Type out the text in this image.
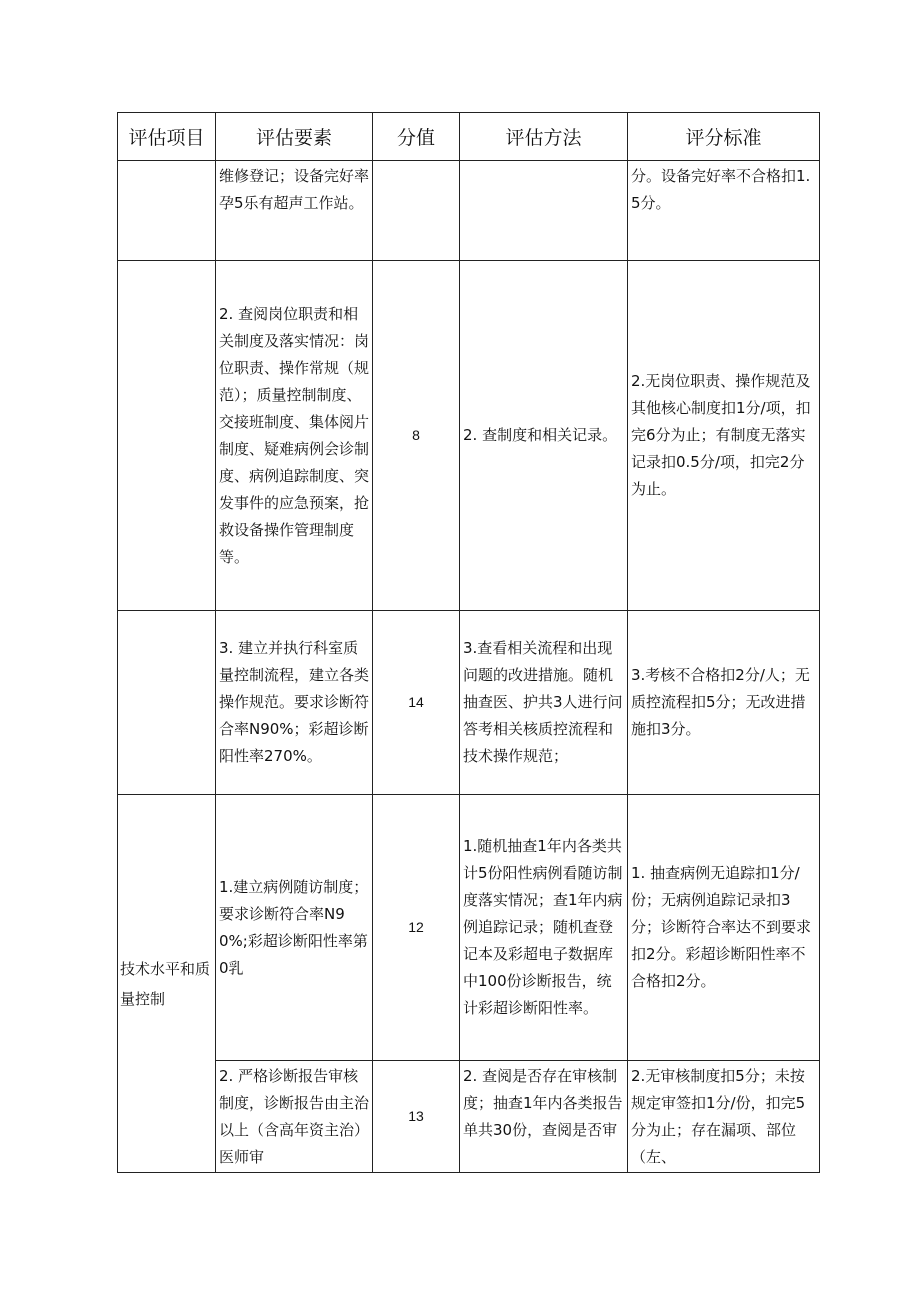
评估项目	评估要素	分值	评估方法	评分标准

	维修登记；设备完好率孕5乐有超声工作站。			分。设备完好率不合格扣1.5分。

	2. 查阅岗位职责和相关制度及落实情况：岗位职责、操作常规（规范）；质量控制制度、交接班制度、集体阅片制度、疑难病例会诊制度、病例追踪制度、突发事件的应急预案，抢救设备操作管理制度等。	8	2. 查制度和相关记录。	2.无岗位职责、操作规范及其他核心制度扣1分/项，扣完6分为止；有制度无落实记录扣0.5分/项，扣完2分为止。

	3. 建立并执行科室质量控制流程，建立各类操作规范。要求诊断符合率N90%；彩超诊断阳性率270%。	14	3.查看相关流程和出现问题的改进措施。随机抽查医、护共3人进行问答考相关核质控流程和技术操作规范；	3.考核不合格扣2分/人；无质控流程扣5分；无改进措施扣3分。

技术水平和质量控制	1.建立病例随访制度；要求诊断符合率N90%;彩超诊断阳性率第0乳	12	1.随机抽查1年内各类共计5份阳性病例看随访制度落实情况；查1年内病例追踪记录；随机查登记本及彩超电子数据库中100份诊断报告，统计彩超诊断阳性率。	1. 抽查病例无追踪扣1分/份；无病例追踪记录扣3分；诊断符合率达不到要求扣2分。彩超诊断阳性率不合格扣2分。

	2. 严格诊断报告审核制度，诊断报告由主治以上（含高年资主治）医师审	13	2. 查阅是否存在审核制度；抽查1年内各类报告单共30份，查阅是否审	2.无审核制度扣5分；未按规定审签扣1分/份，扣完5分为止；存在漏项、部位（左、
